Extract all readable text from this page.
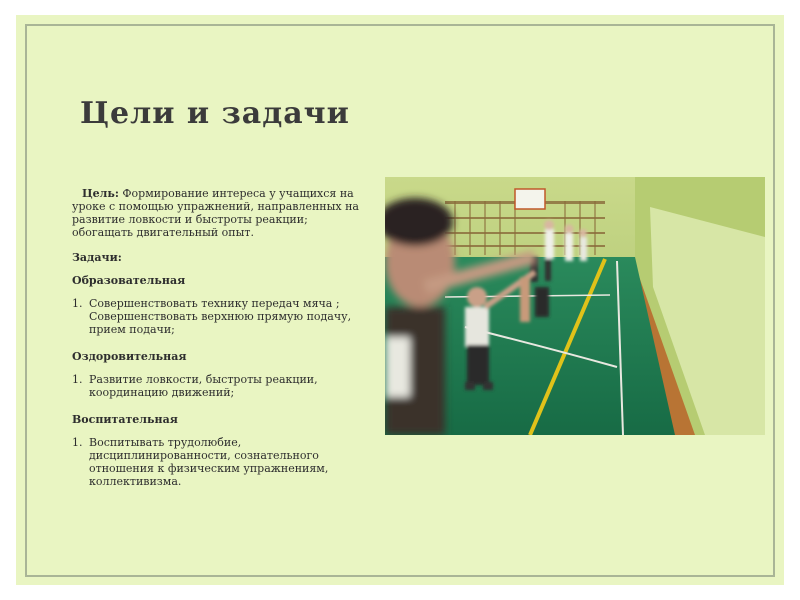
Цели и задачи

Цель: Формирование интереса у учащихся на уроке с помощью упражнений, направленных на развитие ловкости и быстроты реакции; обогащать двигательный опыт.

Задачи:

Образовательная

1. Совершенствовать технику передач мяча ; Совершенствовать верхнюю прямую подачу, прием подачи;

Оздоровительная

1. Развитие ловкости, быстроты реакции, координацию движений;

Воспитательная

1. Воспитывать трудолюбие, дисциплинированности, сознательного отношения к физическим упражнениям, коллективизма.
